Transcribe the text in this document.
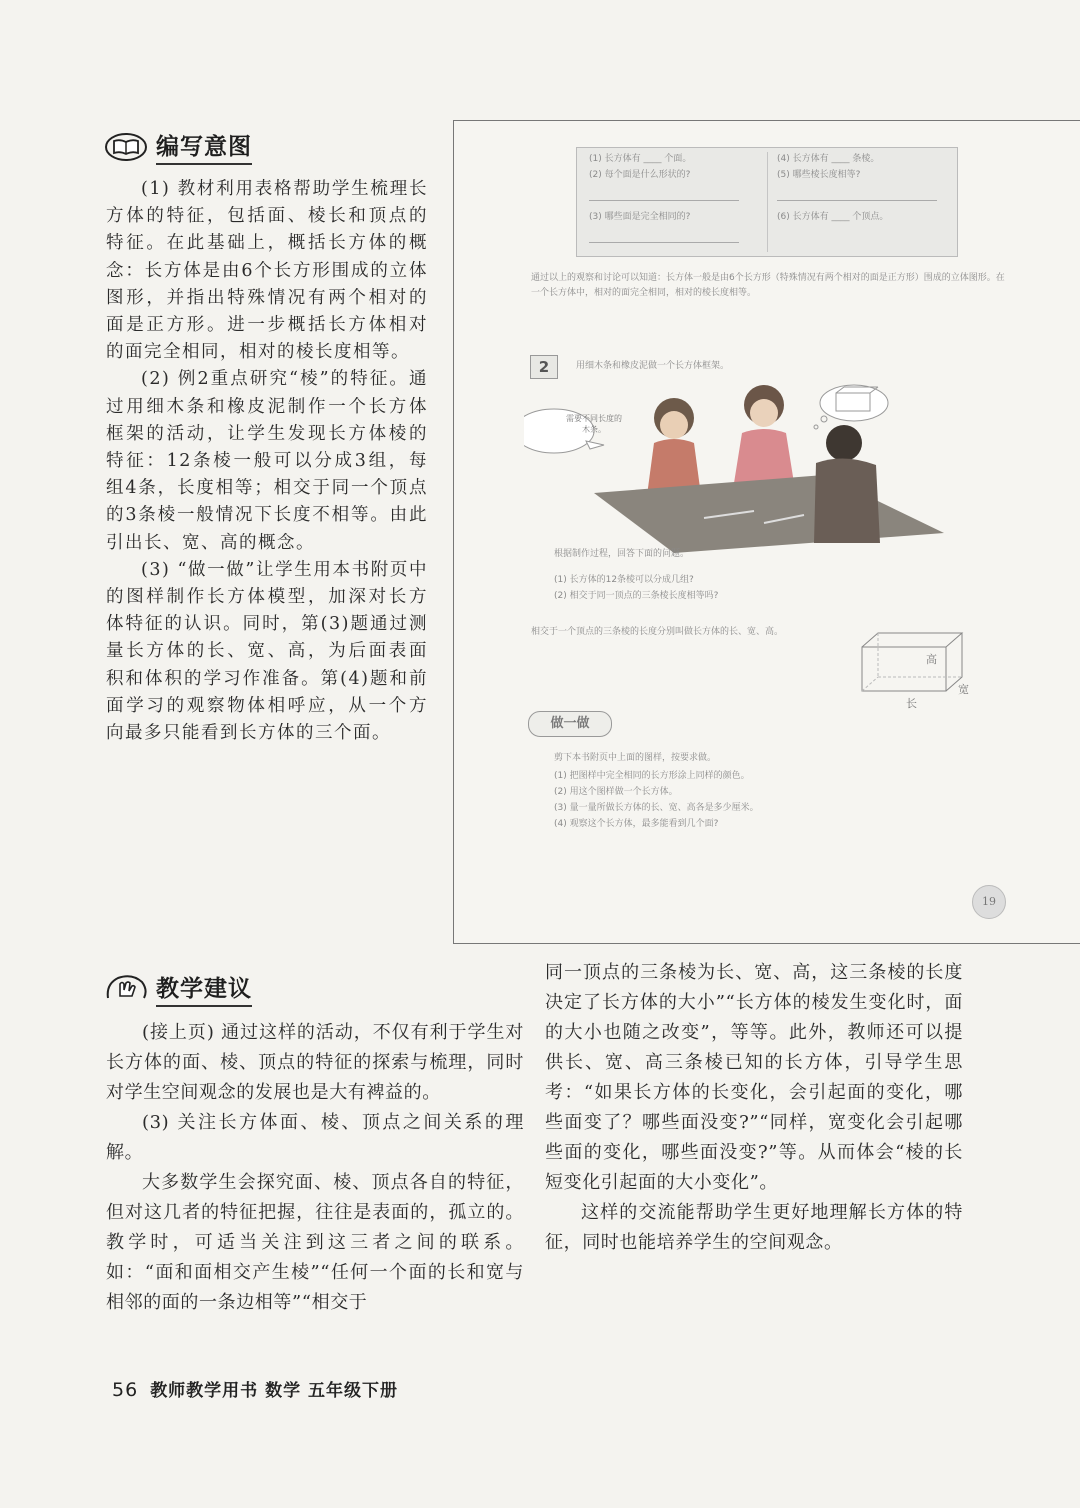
编写意图

(1) 教材利用表格帮助学生梳理长方体的特征，包括面、棱长和顶点的特征。在此基础上，概括长方体的概念：长方体是由6个长方形围成的立体图形，并指出特殊情况有两个相对的面是正方形。进一步概括长方体相对的面完全相同，相对的棱长度相等。

(2) 例2重点研究“棱”的特征。通过用细木条和橡皮泥制作一个长方体框架的活动，让学生发现长方体棱的特征：12条棱一般可以分成3组，每组4条，长度相等；相交于同一个顶点的3条棱一般情况下长度不相等。由此引出长、宽、高的概念。

(3) “做一做”让学生用本书附页中的图样制作长方体模型，加深对长方体特征的认识。同时，第(3)题通过测量长方体的长、宽、高，为后面表面积和体积的学习作准备。第(4)题和前面学习的观察物体相呼应，从一个方向最多只能看到长方体的三个面。

(1) 长方体有 ____ 个面。
(2) 每个面是什么形状的?
(3) 哪些面是完全相同的?
(4) 长方体有 ____ 条棱。
(5) 哪些棱长度相等?
(6) 长方体有 ____ 个顶点。
通过以上的观察和讨论可以知道：长方体一般是由6个长方形（特殊情况有两个相对的面是正方形）围成的立体图形。在一个长方体中，相对的面完全相同，相对的棱长度相等。
2	用细木条和橡皮泥做一个长方体框架。
需要不同长度的木条。
根据制作过程，回答下面的问题。
(1) 长方体的12条棱可以分成几组?
(2) 相交于同一顶点的三条棱长度相等吗?
相交于一个顶点的三条棱的长度分别叫做长方体的长、宽、高。
高
长
宽
做一做
剪下本书附页中上面的图样，按要求做。
(1) 把图样中完全相同的长方形涂上同样的颜色。
(2) 用这个图样做一个长方体。
(3) 量一量所做长方体的长、宽、高各是多少厘米。
(4) 观察这个长方体，最多能看到几个面?
19
教学建议

(接上页) 通过这样的活动，不仅有利于学生对长方体的面、棱、顶点的特征的探索与梳理，同时对学生空间观念的发展也是大有裨益的。

(3) 关注长方体面、棱、顶点之间关系的理解。

大多数学生会探究面、棱、顶点各自的特征，但对这几者的特征把握，往往是表面的，孤立的。教学时，可适当关注到这三者之间的联系。如：“面和面相交产生棱”“任何一个面的长和宽与相邻的面的一条边相等”“相交于

同一顶点的三条棱为长、宽、高，这三条棱的长度决定了长方体的大小”“长方体的棱发生变化时，面的大小也随之改变”，等等。此外，教师还可以提供长、宽、高三条棱已知的长方体，引导学生思考：“如果长方体的长变化，会引起面的变化，哪些面变了？哪些面没变?”“同样，宽变化会引起哪些面的变化，哪些面没变?”等。从而体会“棱的长短变化引起面的大小变化”。

这样的交流能帮助学生更好地理解长方体的特征，同时也能培养学生的空间观念。

56 教师教学用书 数学 五年级下册
